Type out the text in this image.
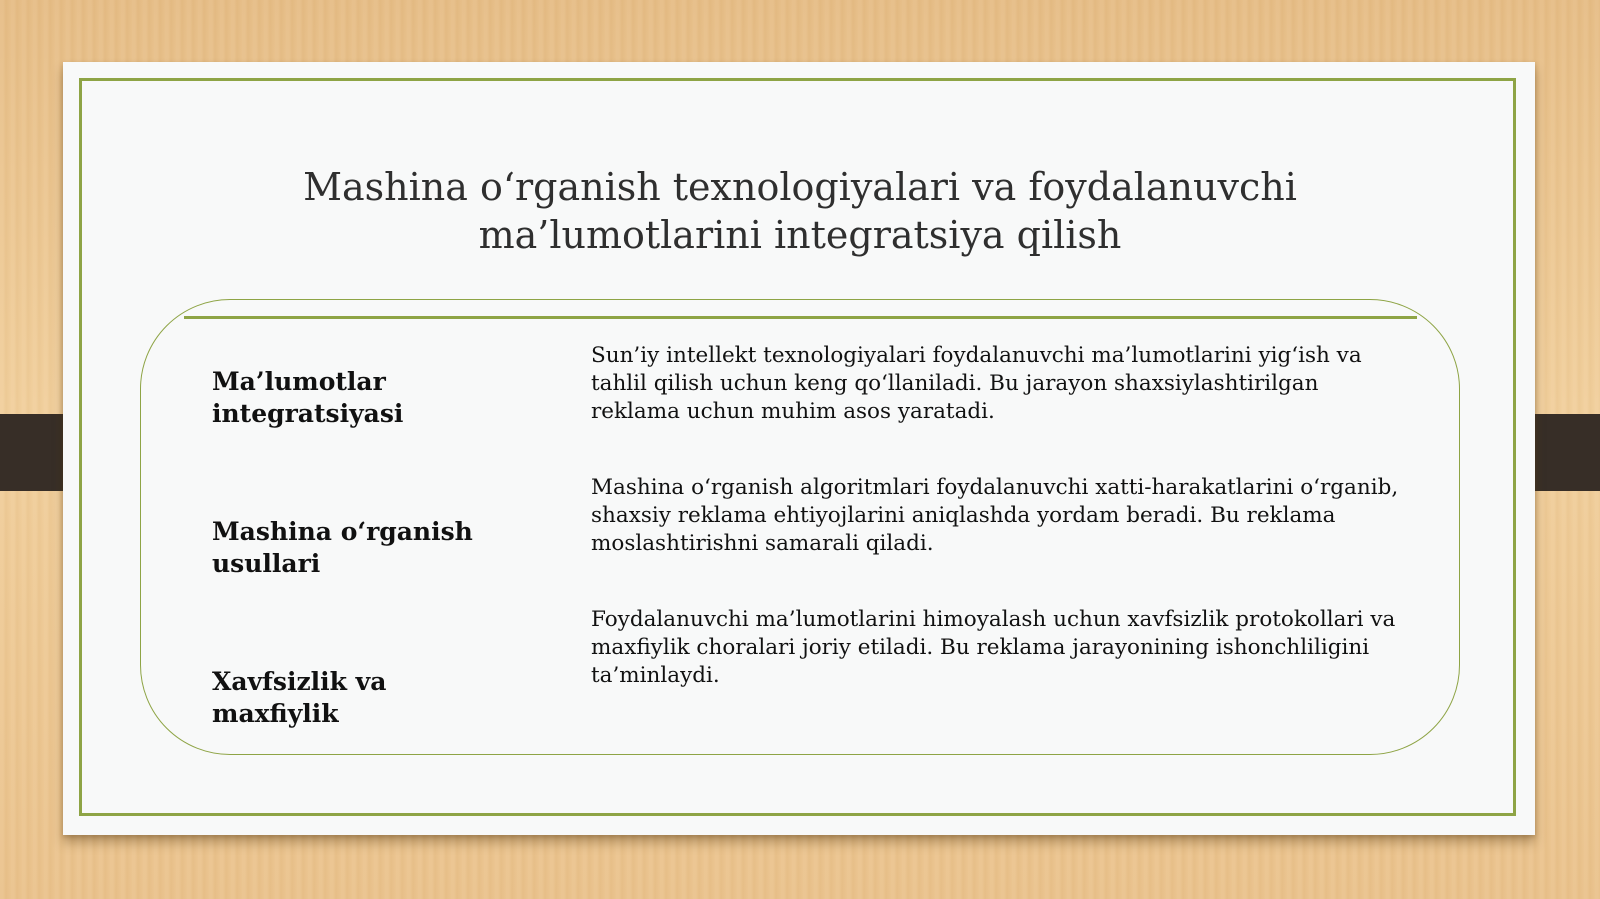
Mashina o‘rganish texnologiyalari va foydalanuvchi
ma’lumotlarini integratsiya qilish
Ma’lumotlar integratsiyasi
Sun’iy intellekt texnologiyalari foydalanuvchi ma’lumotlarini yig‘ish va tahlil qilish uchun keng qo‘llaniladi. Bu jarayon shaxsiylashtirilgan reklama uchun muhim asos yaratadi.
Mashina o‘rganish usullari
Mashina o‘rganish algoritmlari foydalanuvchi xatti-harakatlarini o‘rganib, shaxsiy reklama ehtiyojlarini aniqlashda yordam beradi. Bu reklama moslashtirishni samarali qiladi.
Xavfsizlik va maxfiylik
Foydalanuvchi ma’lumotlarini himoyalash uchun xavfsizlik protokollari va maxfiylik choralari joriy etiladi. Bu reklama jarayonining ishonchliligini ta’minlaydi.
